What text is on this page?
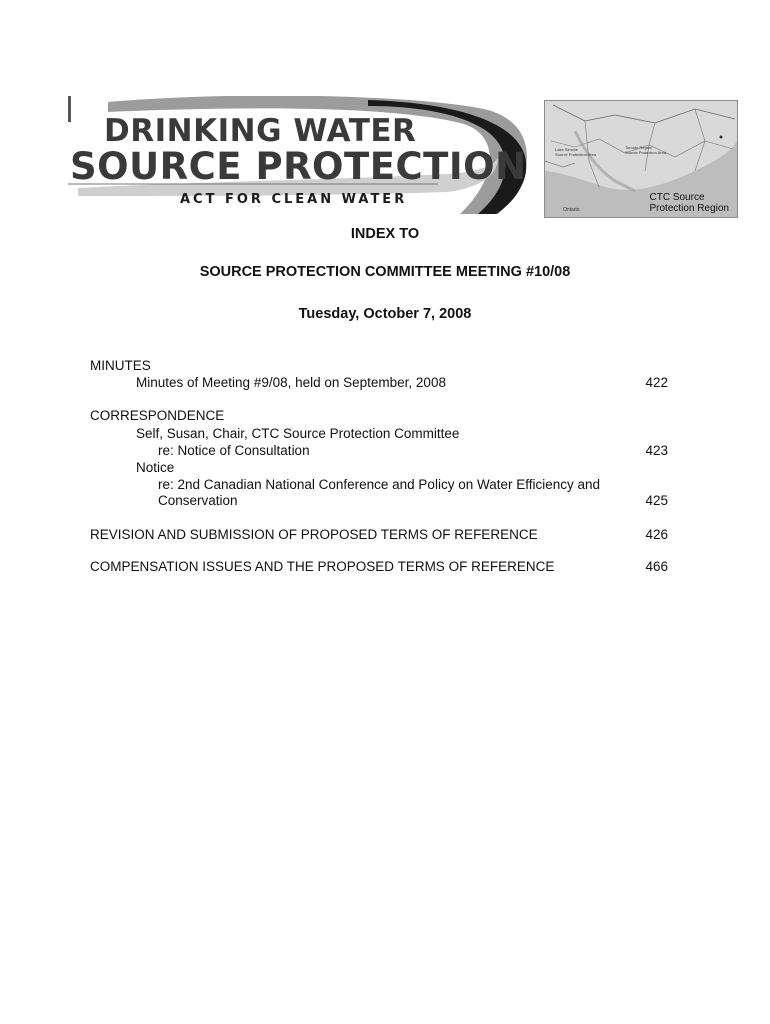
DRINKING WATER
SOURCE PROTECTION
ACT FOR CLEAN WATER
Lake Simcoe
Source Protection Area
Toronto Region
Source Protection Area
Ontario
CTC Source
Protection Region
INDEX TO
SOURCE PROTECTION COMMITTEE MEETING #10/08
Tuesday, October 7, 2008
MINUTES
Minutes of Meeting #9/08, held on September, 2008	422
CORRESPONDENCE
Self, Susan, Chair, CTC Source Protection Committee
re: Notice of Consultation	423
Notice
re: 2nd Canadian National Conference and Policy on Water Efficiency and
Conservation	425
REVISION AND SUBMISSION OF PROPOSED TERMS OF REFERENCE	426
COMPENSATION ISSUES AND THE PROPOSED TERMS OF REFERENCE	466
